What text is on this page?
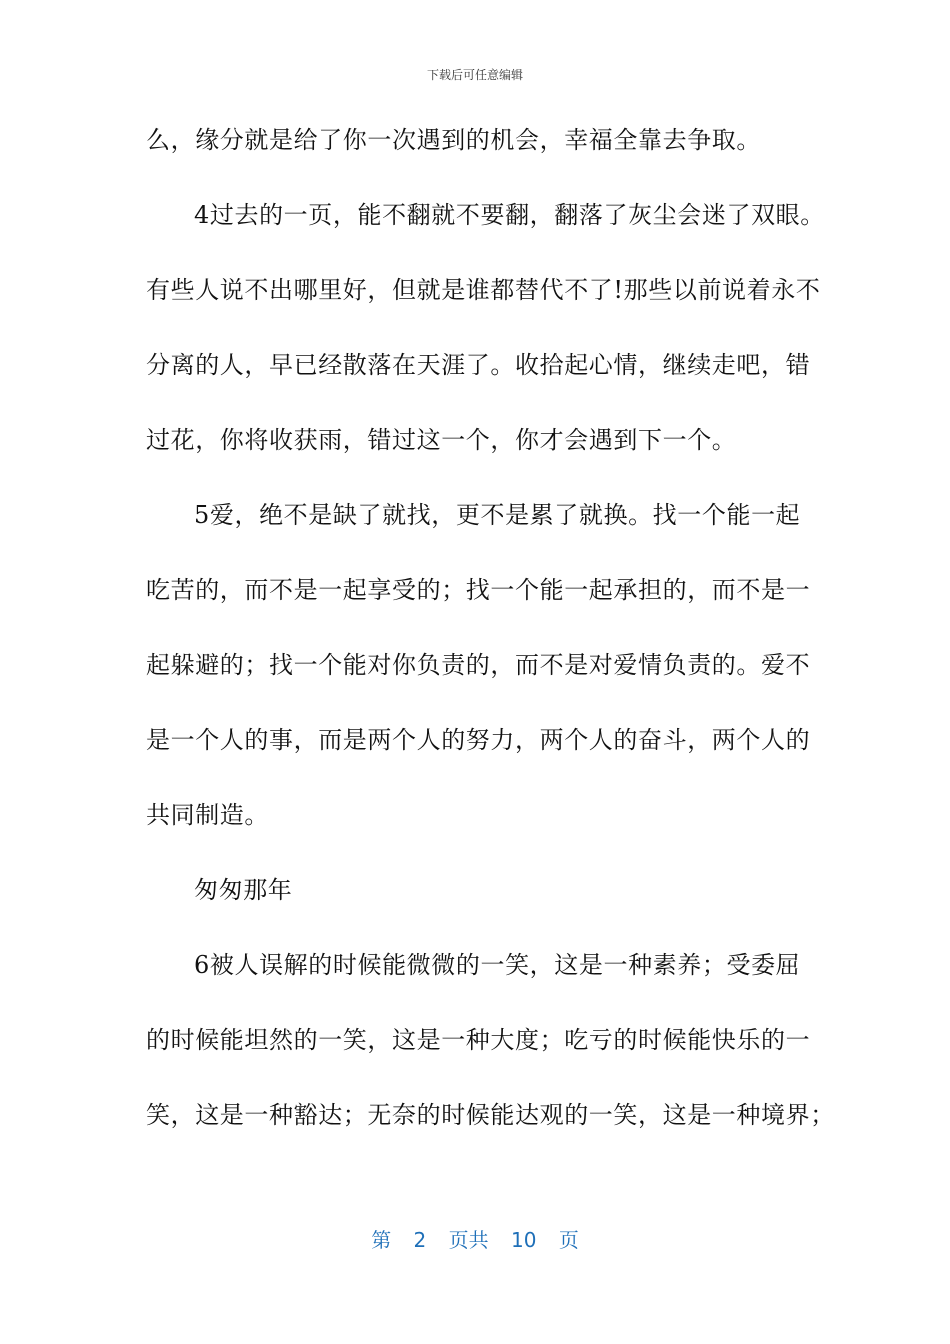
下载后可任意编辑
么，缘分就是给了你一次遇到的机会，幸福全靠去争取。
4过去的一页，能不翻就不要翻，翻落了灰尘会迷了双眼。
有些人说不出哪里好，但就是谁都替代不了!那些以前说着永不
分离的人，早已经散落在天涯了。收拾起心情，继续走吧，错
过花，你将收获雨，错过这一个，你才会遇到下一个。
5爱，绝不是缺了就找，更不是累了就换。找一个能一起
吃苦的，而不是一起享受的；找一个能一起承担的，而不是一
起躲避的；找一个能对你负责的，而不是对爱情负责的。爱不
是一个人的事，而是两个人的努力，两个人的奋斗，两个人的
共同制造。
匆匆那年
6被人误解的时候能微微的一笑，这是一种素养；受委屈
的时候能坦然的一笑，这是一种大度；吃亏的时候能快乐的一
笑，这是一种豁达；无奈的时候能达观的一笑，这是一种境界；
第 2 页共 10 页
